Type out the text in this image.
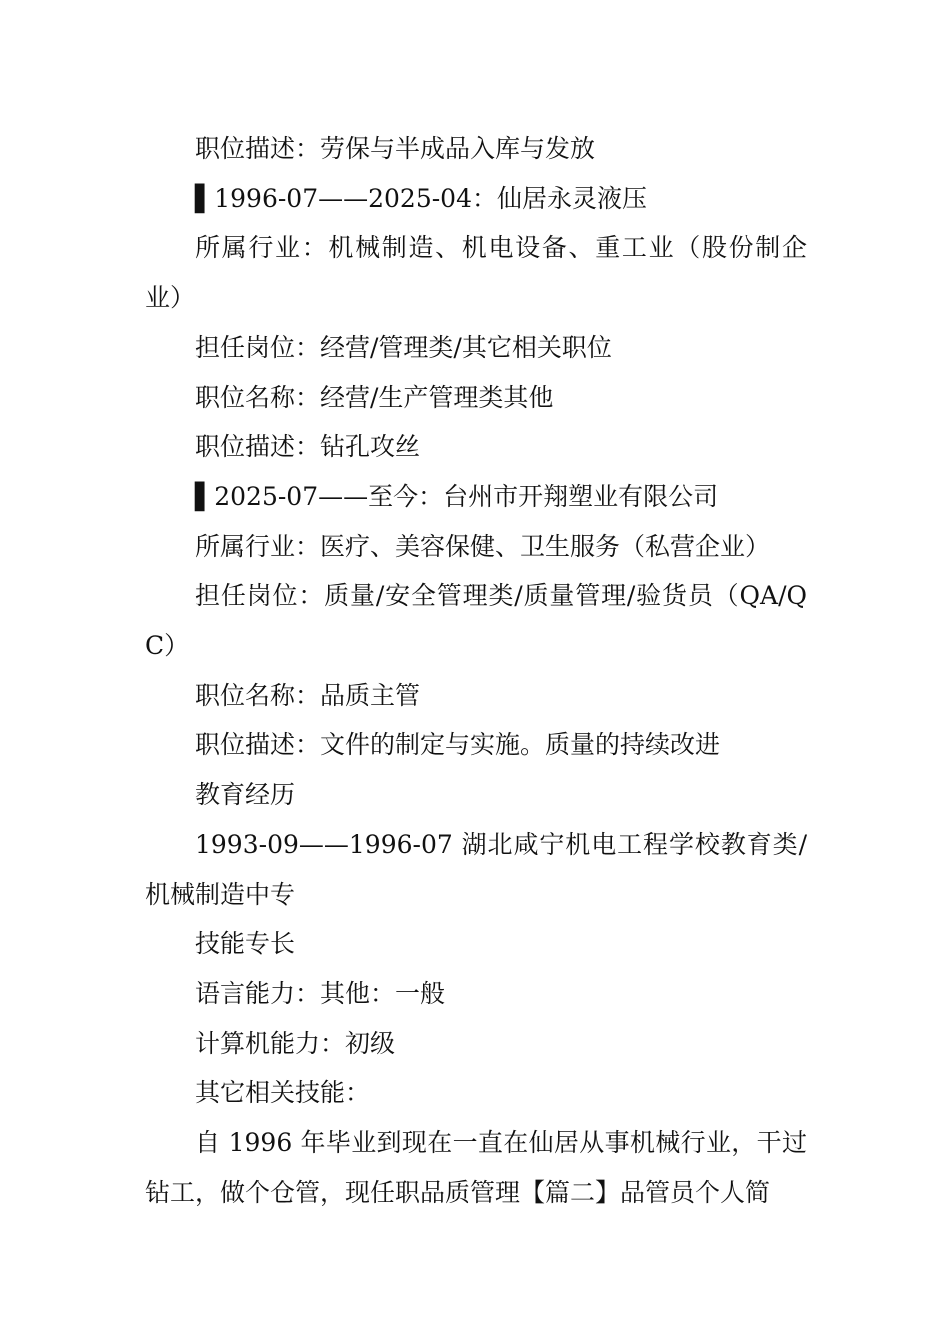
职位描述：劳保与半成品入库与发放

▌1996-07——2025-04：仙居永灵液压

所属行业：机械制造、机电设备、重工业（股份制企业）

担任岗位：经营/管理类/其它相关职位

职位名称：经营/生产管理类其他

职位描述：钻孔攻丝

▌2025-07——至今：台州市开翔塑业有限公司

所属行业：医疗、美容保健、卫生服务（私营企业）

担任岗位：质量/安全管理类/质量管理/验货员（QA/QC）

职位名称：品质主管

职位描述：文件的制定与实施。质量的持续改进

教育经历

1993-09——1996-07 湖北咸宁机电工程学校教育类/机械制造中专

技能专长

语言能力：其他：一般

计算机能力：初级

其它相关技能：

自 1996 年毕业到现在一直在仙居从事机械行业，干过钻工，做个仓管，现任职品质管理【篇二】品管员个人简
